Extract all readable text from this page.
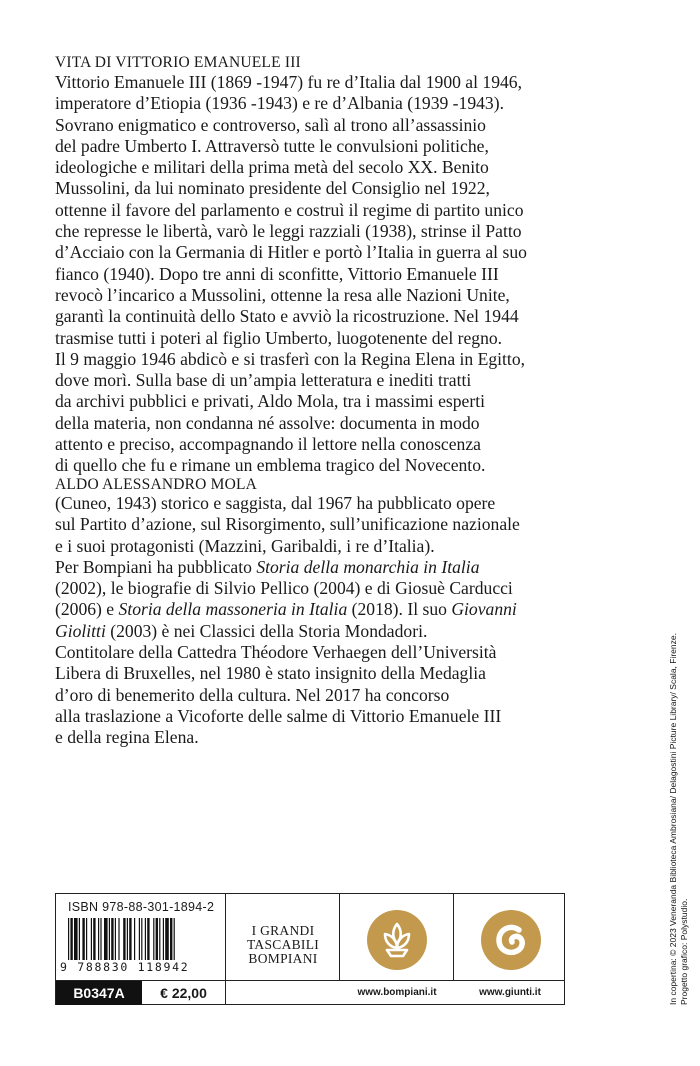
VITA DI VITTORIO EMANUELE III

Vittorio Emanuele III (1869 -1947) fu re d’Italia dal 1900 al 1946,
imperatore d’Etiopia (1936 -1943) e re d’Albania (1939 -1943).
Sovrano enigmatico e controverso, salì al trono all’assassinio
del padre Umberto I. Attraversò tutte le convulsioni politiche,
ideologiche e militari della prima metà del secolo XX. Benito
Mussolini, da lui nominato presidente del Consiglio nel 1922,
ottenne il favore del parlamento e costruì il regime di partito unico
che represse le libertà, varò le leggi razziali (1938), strinse il Patto
d’Acciaio con la Germania di Hitler e portò l’Italia in guerra al suo
fianco (1940). Dopo tre anni di sconfitte, Vittorio Emanuele III
revocò l’incarico a Mussolini, ottenne la resa alle Nazioni Unite,
garantì la continuità dello Stato e avviò la ricostruzione. Nel 1944
trasmise tutti i poteri al figlio Umberto, luogotenente del regno.
Il 9 maggio 1946 abdicò e si trasferì con la Regina Elena in Egitto,
dove morì. Sulla base di un’ampia letteratura e inediti tratti
da archivi pubblici e privati, Aldo Mola, tra i massimi esperti
della materia, non condanna né assolve: documenta in modo
attento e preciso, accompagnando il lettore nella conoscenza
di quello che fu e rimane un emblema tragico del Novecento.

ALDO ALESSANDRO MOLA

(Cuneo, 1943) storico e saggista, dal 1967 ha pubblicato opere
sul Partito d’azione, sul Risorgimento, sull’unificazione nazionale
e i suoi protagonisti (Mazzini, Garibaldi, i re d’Italia).
Per Bompiani ha pubblicato Storia della monarchia in Italia
(2002), le biografie di Silvio Pellico (2004) e di Giosuè Carducci
(2006) e Storia della massoneria in Italia (2018). Il suo Giovanni
Giolitti (2003) è nei Classici della Storia Mondadori.
Contitolare della Cattedra Théodore Verhaegen dell’Università
Libera di Bruxelles, nel 1980 è stato insignito della Medaglia
d’oro di benemerito della cultura. Nel 2017 ha concorso
alla traslazione a Vicoforte delle salme di Vittorio Emanuele III
e della regina Elena.

ISBN 978-88-301-1894-2
9 788830 118942
I GRANDI
TASCABILI
BOMPIANI
B0347A	€ 22,00	www.bompiani.it	www.giunti.it	In copertina: © 2023 Veneranda Biblioteca Ambrosiana/ Delagostini Picture Library/ Scala, Firenze. Progetto grafico: Polystudio.
